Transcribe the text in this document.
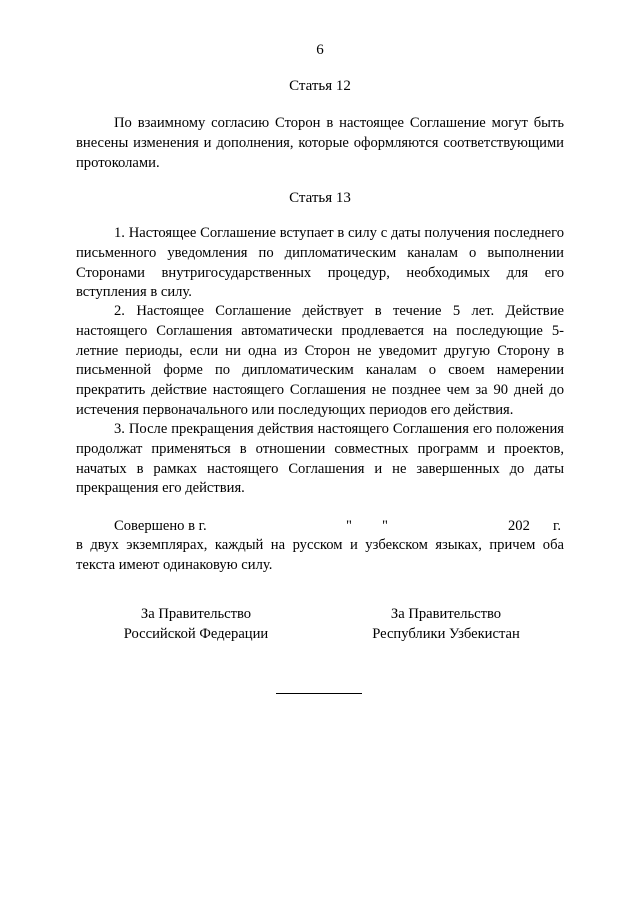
6
Статья 12

По взаимному согласию Сторон в настоящее Соглашение могут быть внесены изменения и дополнения, которые оформляются соответствующими протоколами.

Статья 13

1. Настоящее Соглашение вступает в силу с даты получения последнего письменного уведомления по дипломатическим каналам о выполнении Сторонами внутригосударственных процедур, необходимых для его вступления в силу.

2. Настоящее Соглашение действует в течение 5 лет. Действие настоящего Соглашения автоматически продлевается на последующие 5-летние периоды, если ни одна из Сторон не уведомит другую Сторону в письменной форме по дипломатическим каналам о своем намерении прекратить действие настоящего Соглашения не позднее чем за 90 дней до истечения первоначального или последующих периодов его действия.

3. После прекращения действия настоящего Соглашения его положения продолжат применяться в отношении совместных программ и проектов, начатых в рамках настоящего Соглашения и не завершенных до даты прекращения его действия.

Совершено в г.	" "	202 г.

в двух экземплярах, каждый на русском и узбекском языках, причем оба текста имеют одинаковую силу.

За Правительство
Российской Федерации
За Правительство
Республики Узбекистан
